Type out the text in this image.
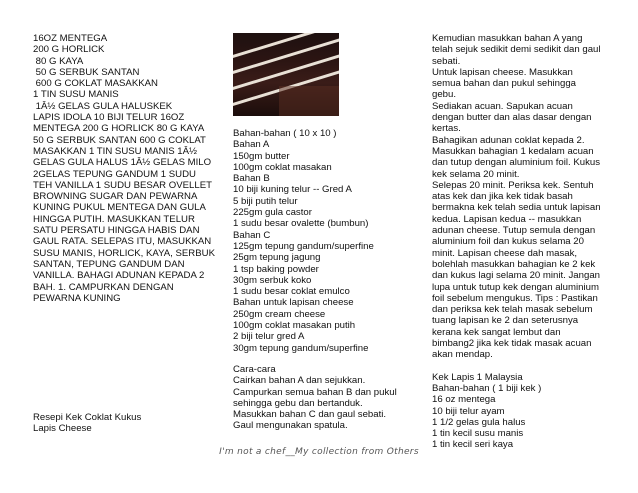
16OZ MENTEGA
200 G HORLICK
80 G KAYA
50 G SERBUK SANTAN
600 G COKLAT MASAKKAN
1 TIN SUSU MANIS
1Â½ GELAS GULA HALUSKEK
LAPIS IDOLA 10 BIJI TELUR 16OZ MENTEGA 200 G HORLICK 80 G KAYA 50 G SERBUK SANTAN 600 G COKLAT MASAKKAN 1 TIN SUSU MANIS 1Â½ GELAS GULA HALUS 1Â½ GELAS MILO 2GELAS TEPUNG GANDUM 1 SUDU TEH VANILLA 1 SUDU BESAR OVELLET BROWNING SUGAR DAN PEWARNA KUNING PUKUL MENTEGA DAN GULA HINGGA PUTIH. MASUKKAN TELUR SATU PERSATU HINGGA HABIS DAN GAUL RATA. SELEPAS ITU, MASUKKAN SUSU MANIS, HORLICK, KAYA, SERBUK SANTAN, TEPUNG GANDUM DAN VANILLA. BAHAGI ADUNAN KEPADA 2 BAH. 1. CAMPURKAN DENGAN PEWARNA KUNING
Resepi Kek Coklat Kukus
Lapis Cheese
Bahan-bahan ( 10 x 10 )
Bahan A
150gm butter
100gm coklat masakan
Bahan B
10 biji kuning telur -- Gred A
5 biji putih telur
225gm gula castor
1 sudu besar ovalette (bumbun)
Bahan C
125gm tepung gandum/superfine
25gm tepung jagung
1 tsp baking powder
30gm serbuk koko
1 sudu besar coklat emulco
Bahan untuk lapisan cheese
250gm cream cheese
100gm coklat masakan putih
2 biji telur gred A
30gm tepung gandum/superfine
Cara-cara
Cairkan bahan A dan sejukkan.
Campurkan semua bahan B dan pukul
sehingga gebu dan bertanduk.
Masukkan bahan C dan gaul sebati.
Gaul mengunakan spatula.
Kemudian masukkan bahan A yang
telah sejuk sedikit demi sedikit dan gaul
sebati.
Untuk lapisan cheese. Masukkan
semua bahan dan pukul sehingga
gebu.
Sediakan acuan. Sapukan acuan
dengan butter dan alas dasar dengan
kertas.
Bahagikan adunan coklat kepada 2.
Masukkan bahagian 1 kedalam acuan
dan tutup dengan aluminium foil. Kukus
kek selama 20 minit.
Selepas 20 minit. Periksa kek. Sentuh
atas kek dan jika kek tidak basah
bermakna kek telah sedia untuk lapisan
kedua. Lapisan kedua -- masukkan
adunan cheese. Tutup semula dengan
aluminium foil dan kukus selama 20
minit. Lapisan cheese dah masak,
bolehlah masukkan bahagian ke 2 kek
dan kukus lagi selama 20 minit. Jangan
lupa untuk tutup kek dengan aluminium
foil sebelum mengukus. Tips : Pastikan
dan periksa kek telah masak sebelum
tuang lapisan ke 2 dan seterusnya
kerana kek sangat lembut dan
bimbang2 jika kek tidak masak acuan
akan mendap.
Kek Lapis 1 Malaysia
Bahan-bahan ( 1 biji kek )
16 oz mentega
10 biji telur ayam
1 1/2 gelas gula halus
1 tin kecil susu manis
1 tin kecil seri kaya
I'm not a chef__My collection from Others
